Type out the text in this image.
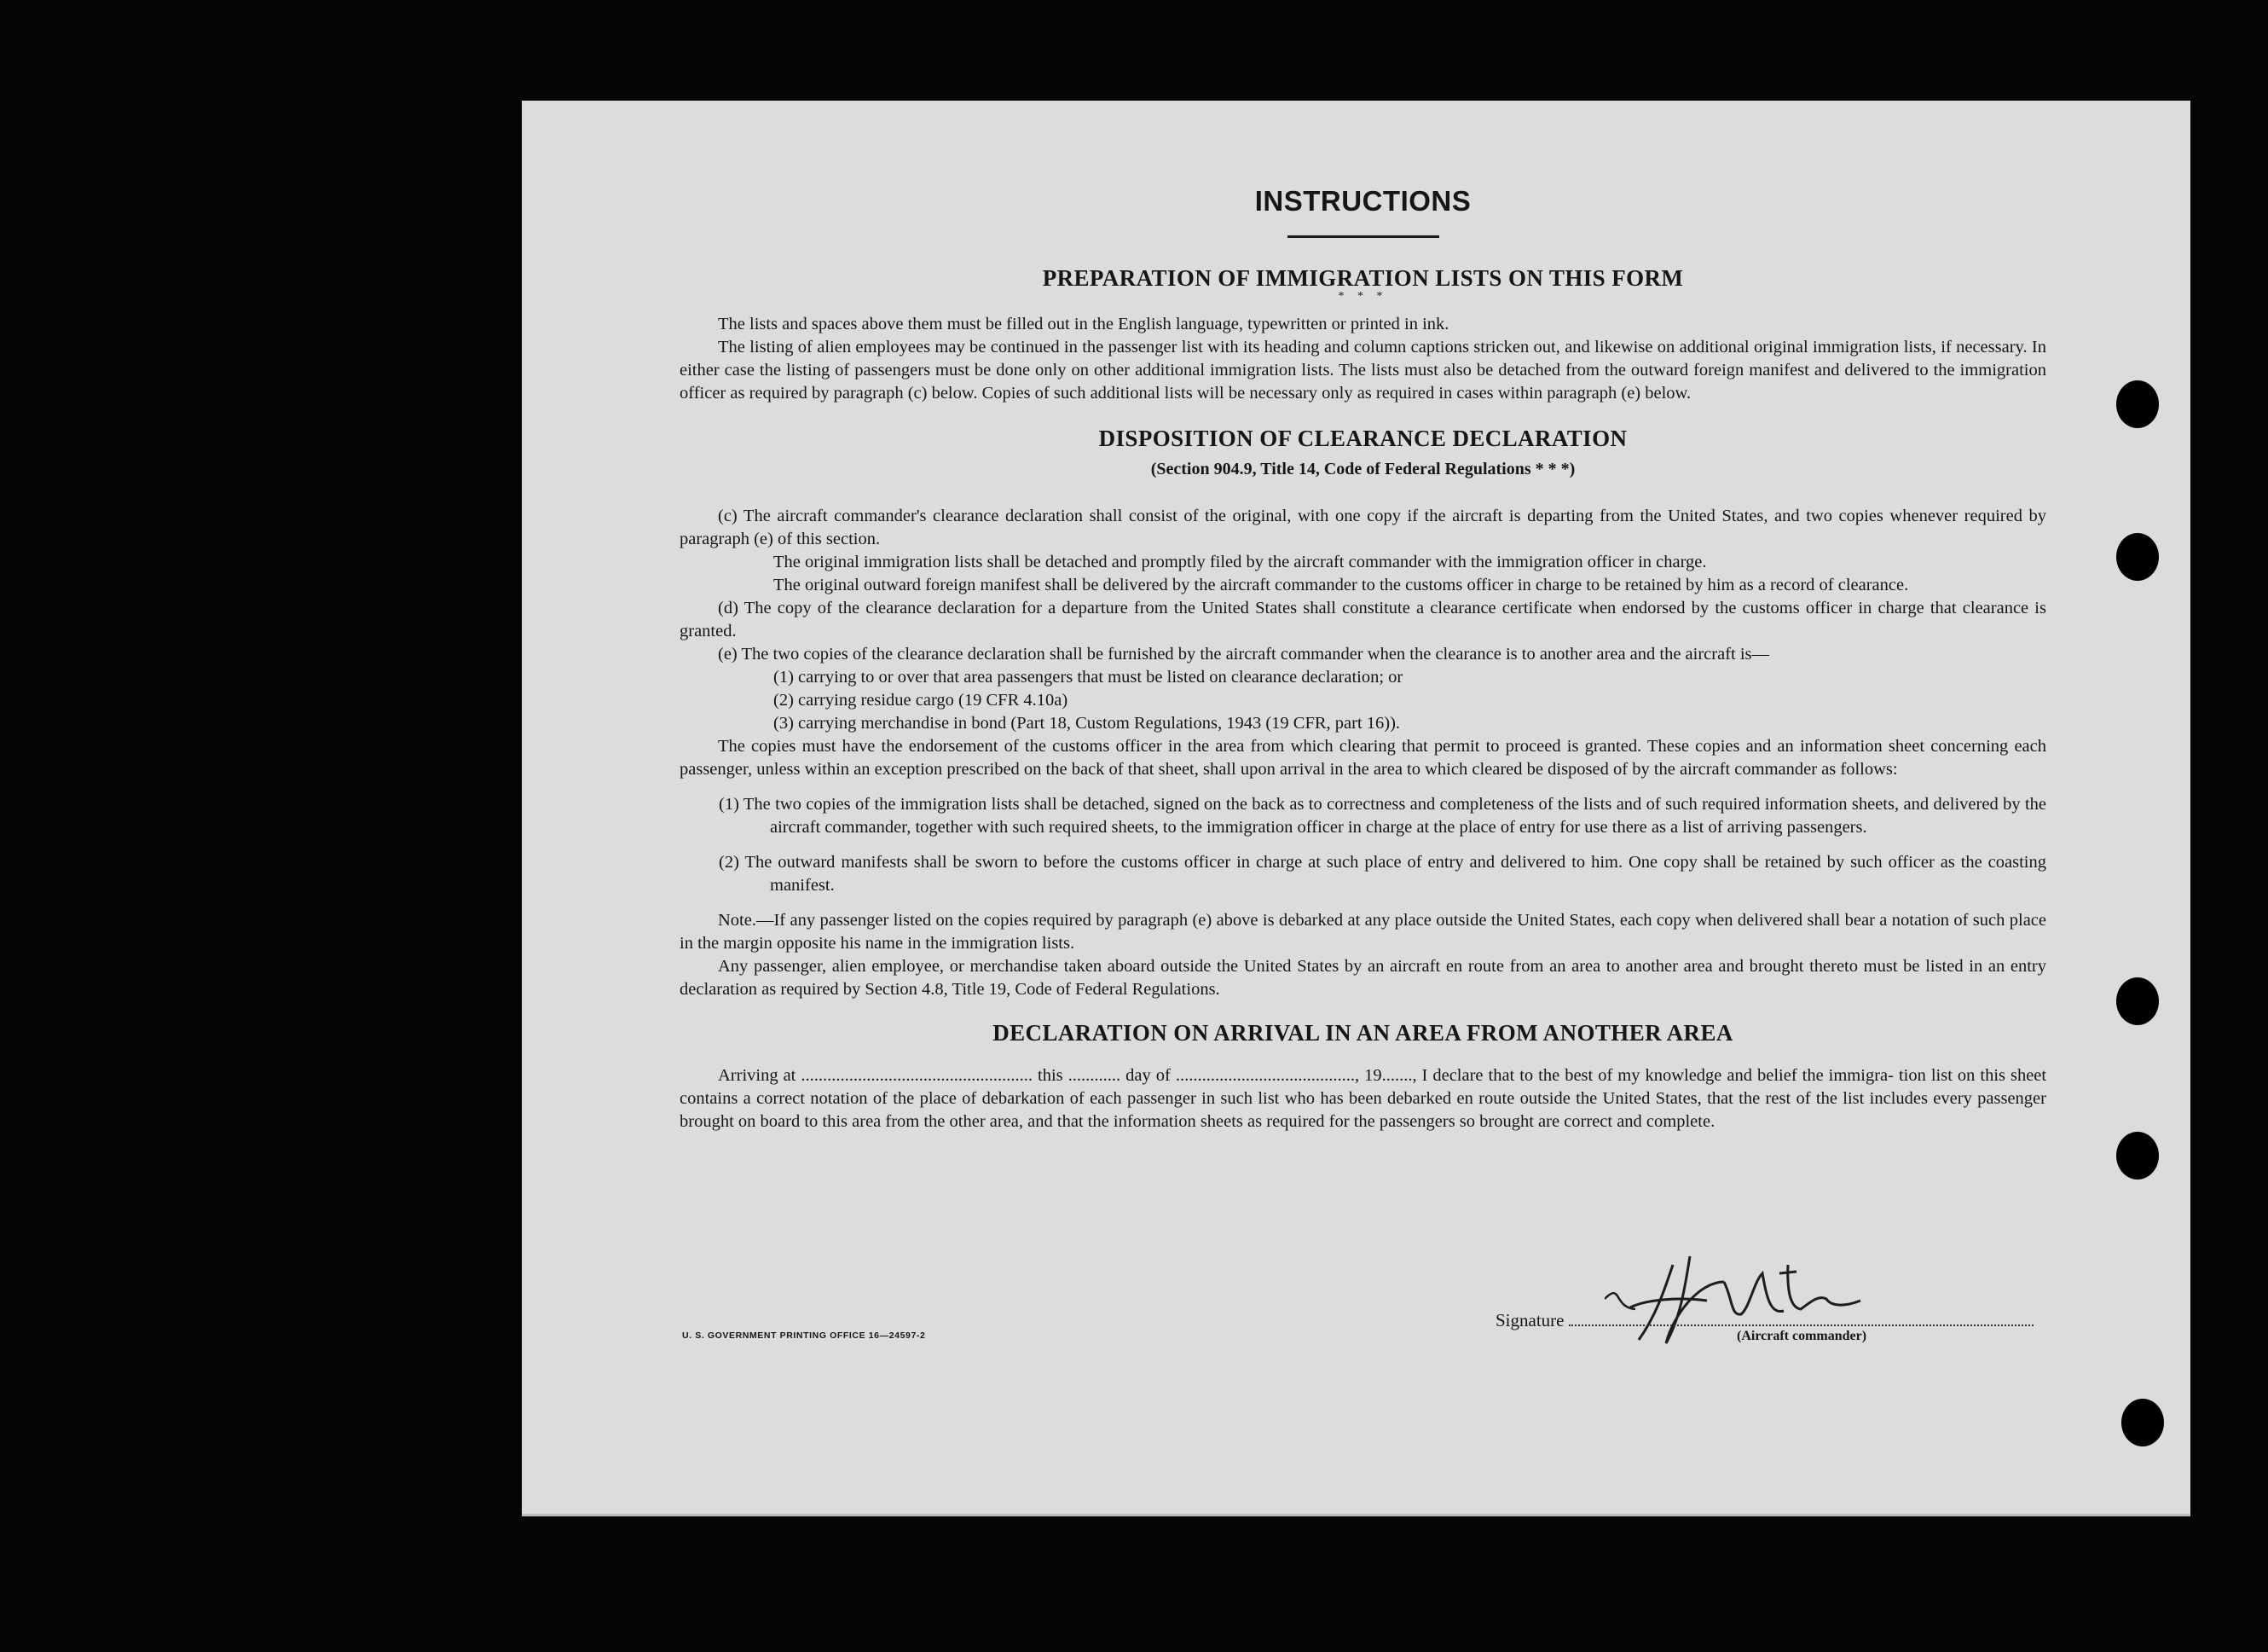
INSTRUCTIONS
PREPARATION OF IMMIGRATION LISTS ON THIS FORM
* * *

The lists and spaces above them must be filled out in the English language, typewritten or printed in ink.

The listing of alien employees may be continued in the passenger list with its heading and column captions stricken out, and likewise on additional original immigration lists, if necessary. In either case the listing of passengers must be done only on other additional immigration lists. The lists must also be detached from the outward foreign manifest and delivered to the immigration officer as required by paragraph (c) below. Copies of such additional lists will be necessary only as required in cases within paragraph (e) below.

DISPOSITION OF CLEARANCE DECLARATION
(Section 904.9, Title 14, Code of Federal Regulations * * *)

(c) The aircraft commander's clearance declaration shall consist of the original, with one copy if the aircraft is departing from the United States, and two copies whenever required by paragraph (e) of this section.

The original immigration lists shall be detached and promptly filed by the aircraft commander with the immigration officer in charge.

The original outward foreign manifest shall be delivered by the aircraft commander to the customs officer in charge to be retained by him as a record of clearance.

(d) The copy of the clearance declaration for a departure from the United States shall constitute a clearance certificate when endorsed by the customs officer in charge that clearance is granted.

(e) The two copies of the clearance declaration shall be furnished by the aircraft commander when the clearance is to another area and the aircraft is—

(1) carrying to or over that area passengers that must be listed on clearance declaration; or

(2) carrying residue cargo (19 CFR 4.10a)

(3) carrying merchandise in bond (Part 18, Custom Regulations, 1943 (19 CFR, part 16)).

The copies must have the endorsement of the customs officer in the area from which clearing that permit to proceed is granted. These copies and an information sheet concerning each passenger, unless within an exception prescribed on the back of that sheet, shall upon arrival in the area to which cleared be disposed of by the aircraft commander as follows:

(1) The two copies of the immigration lists shall be detached, signed on the back as to correctness and completeness of the lists and of such required information sheets, and delivered by the aircraft commander, together with such required sheets, to the immigration officer in charge at the place of entry for use there as a list of arriving passengers.

(2) The outward manifests shall be sworn to before the customs officer in charge at such place of entry and delivered to him. One copy shall be retained by such officer as the coasting manifest.

Note.—If any passenger listed on the copies required by paragraph (e) above is debarked at any place outside the United States, each copy when delivered shall bear a notation of such place in the margin opposite his name in the immigration lists.

Any passenger, alien employee, or merchandise taken aboard outside the United States by an aircraft en route from an area to another area and brought thereto must be listed in an entry declaration as required by Section 4.8, Title 19, Code of Federal Regulations.

DECLARATION ON ARRIVAL IN AN AREA FROM ANOTHER AREA

Arriving at ..................................................... this ............ day of ........................................., 19......., I declare that to the best of my knowledge and belief the immigra- tion list on this sheet contains a correct notation of the place of debarkation of each passenger in such list who has been debarked en route outside the United States, that the rest of the list includes every passenger brought on board to this area from the other area, and that the information sheets as required for the passengers so brought are correct and complete.

U. S. GOVERNMENT PRINTING OFFICE 16—24597-2
Signature
(Aircraft commander)
